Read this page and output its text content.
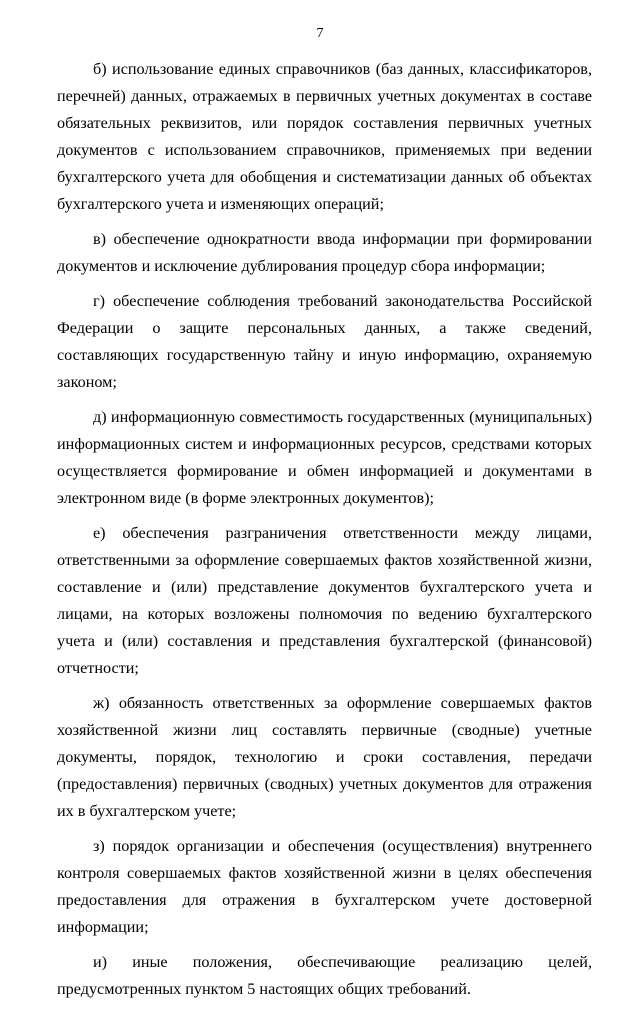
7

б) использование единых справочников (баз данных, классификаторов, перечней) данных, отражаемых в первичных учетных документах в составе обязательных реквизитов, или порядок составления первичных учетных документов с использованием справочников, применяемых при ведении бухгалтерского учета для обобщения и систематизации данных об объектах бухгалтерского учета и изменяющих операций;

в) обеспечение однократности ввода информации при формировании документов и исключение дублирования процедур сбора информации;

г) обеспечение соблюдения требований законодательства Российской Федерации о защите персональных данных, а также сведений, составляющих государственную тайну и иную информацию, охраняемую законом;

д) информационную совместимость государственных (муниципальных) информационных систем и информационных ресурсов, средствами которых осуществляется формирование и обмен информацией и документами в электронном виде (в форме электронных документов);

е) обеспечения разграничения ответственности между лицами, ответственными за оформление совершаемых фактов хозяйственной жизни, составление и (или) представление документов бухгалтерского учета и лицами, на которых возложены полномочия по ведению бухгалтерского учета и (или) составления и представления бухгалтерской (финансовой) отчетности;

ж) обязанность ответственных за оформление совершаемых фактов хозяйственной жизни лиц составлять первичные (сводные) учетные документы, порядок, технологию и сроки составления, передачи (предоставления) первичных (сводных) учетных документов для отражения их в бухгалтерском учете;

з) порядок организации и обеспечения (осуществления) внутреннего контроля совершаемых фактов хозяйственной жизни в целях обеспечения предоставления для отражения в бухгалтерском учете достоверной информации;

и) иные положения, обеспечивающие реализацию целей, предусмотренных пунктом 5 настоящих общих требований.
